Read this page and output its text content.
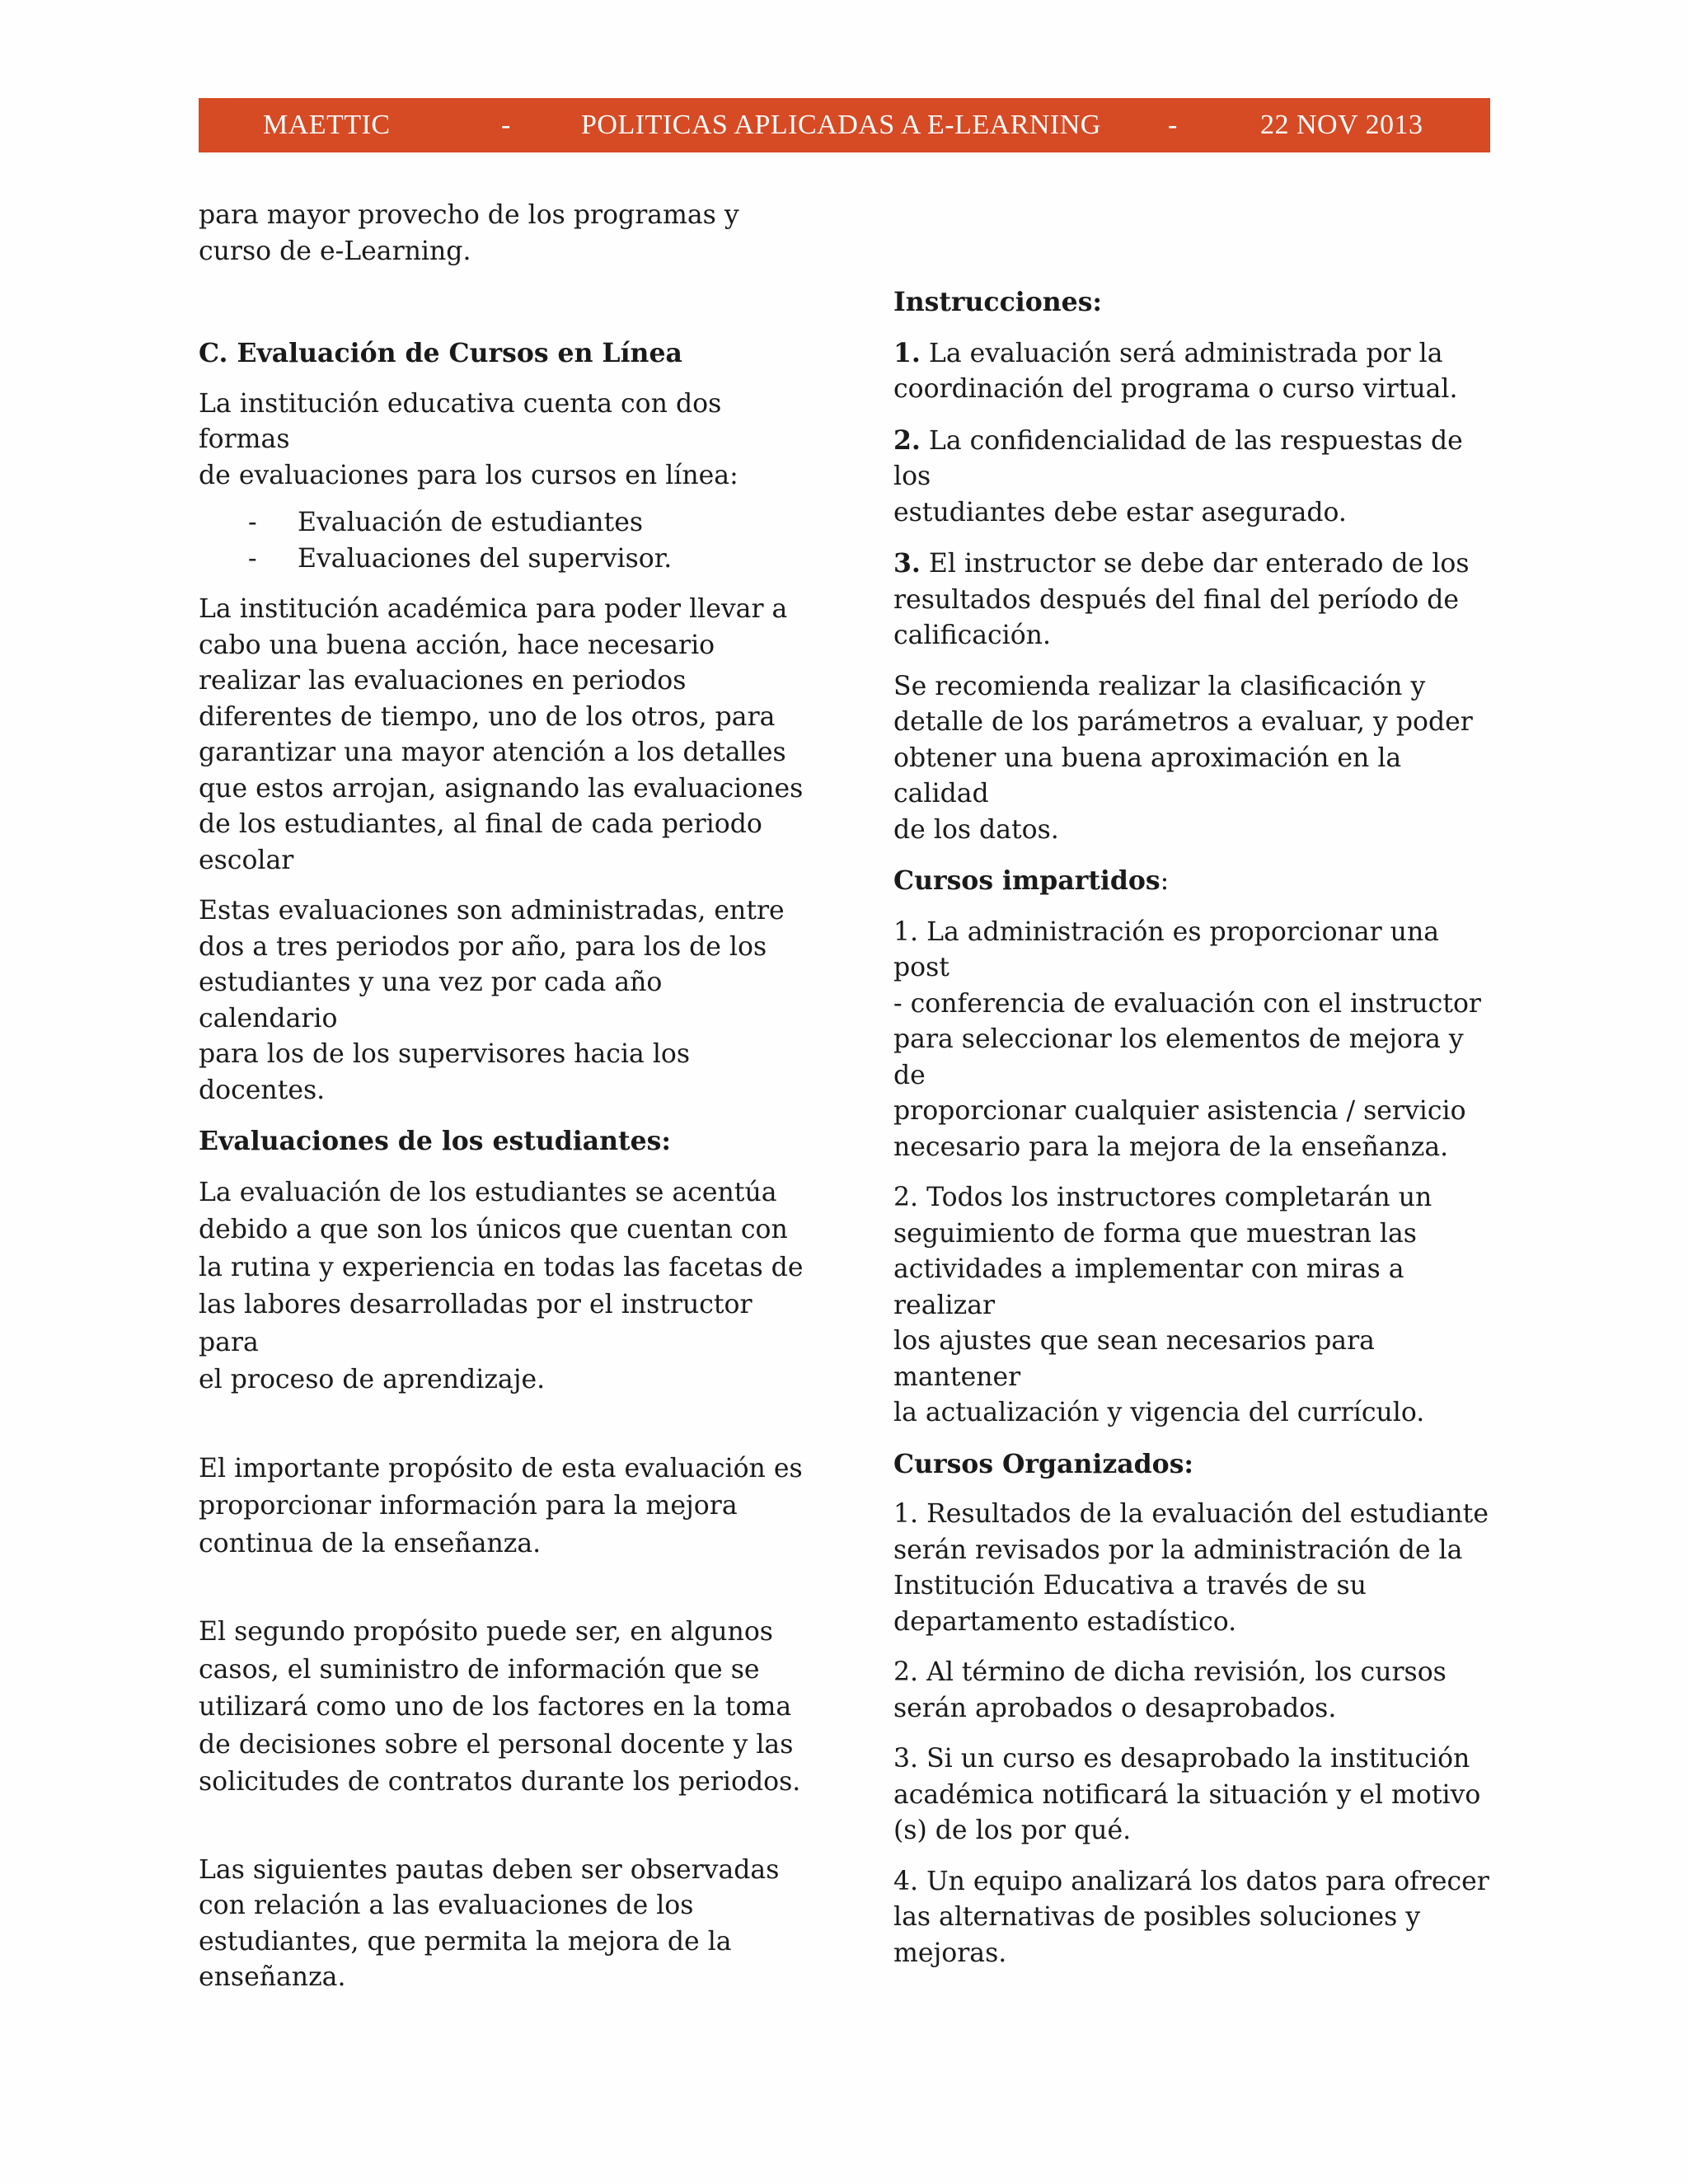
MAETTIC	-	POLITICAS APLICADAS A E-LEARNING -	22 NOV 2013

para mayor provecho de los programas y
curso de e-Learning.

C. Evaluación de Cursos en Línea

La institución educativa cuenta con dos formas
de evaluaciones para los cursos en línea:

- Evaluación de estudiantes
- Evaluaciones del supervisor.

La institución académica para poder llevar a
cabo una buena acción, hace necesario
realizar las evaluaciones en periodos
diferentes de tiempo, uno de los otros, para
garantizar una mayor atención a los detalles
que estos arrojan, asignando las evaluaciones
de los estudiantes, al final de cada periodo
escolar

Estas evaluaciones son administradas, entre
dos a tres periodos por año, para los de los
estudiantes y una vez por cada año calendario
para los de los supervisores hacia los
docentes.

Evaluaciones de los estudiantes:

La evaluación de los estudiantes se acentúa
debido a que son los únicos que cuentan con
la rutina y experiencia en todas las facetas de
las labores desarrolladas por el instructor para
el proceso de aprendizaje.

El importante propósito de esta evaluación es
proporcionar información para la mejora
continua de la enseñanza.

El segundo propósito puede ser, en algunos
casos, el suministro de información que se
utilizará como uno de los factores en la toma
de decisiones sobre el personal docente y las
solicitudes de contratos durante los periodos.

Las siguientes pautas deben ser observadas
con relación a las evaluaciones de los
estudiantes, que permita la mejora de la
enseñanza.

Instrucciones:

1. La evaluación será administrada por la
coordinación del programa o curso virtual.

2. La confidencialidad de las respuestas de los
estudiantes debe estar asegurado.

3. El instructor se debe dar enterado de los
resultados después del final del período de
calificación.

Se recomienda realizar la clasificación y
detalle de los parámetros a evaluar, y poder
obtener una buena aproximación en la calidad
de los datos.

Cursos impartidos:

1. La administración es proporcionar una post
- conferencia de evaluación con el instructor
para seleccionar los elementos de mejora y de
proporcionar cualquier asistencia / servicio
necesario para la mejora de la enseñanza.

2. Todos los instructores completarán un
seguimiento de forma que muestran las
actividades a implementar con miras a realizar
los ajustes que sean necesarios para mantener
la actualización y vigencia del currículo.

Cursos Organizados:

1. Resultados de la evaluación del estudiante
serán revisados por la administración de la
Institución Educativa a través de su
departamento estadístico.

2. Al término de dicha revisión, los cursos
serán aprobados o desaprobados.

3. Si un curso es desaprobado la institución
académica notificará la situación y el motivo
(s) de los por qué.

4. Un equipo analizará los datos para ofrecer
las alternativas de posibles soluciones y
mejoras.
